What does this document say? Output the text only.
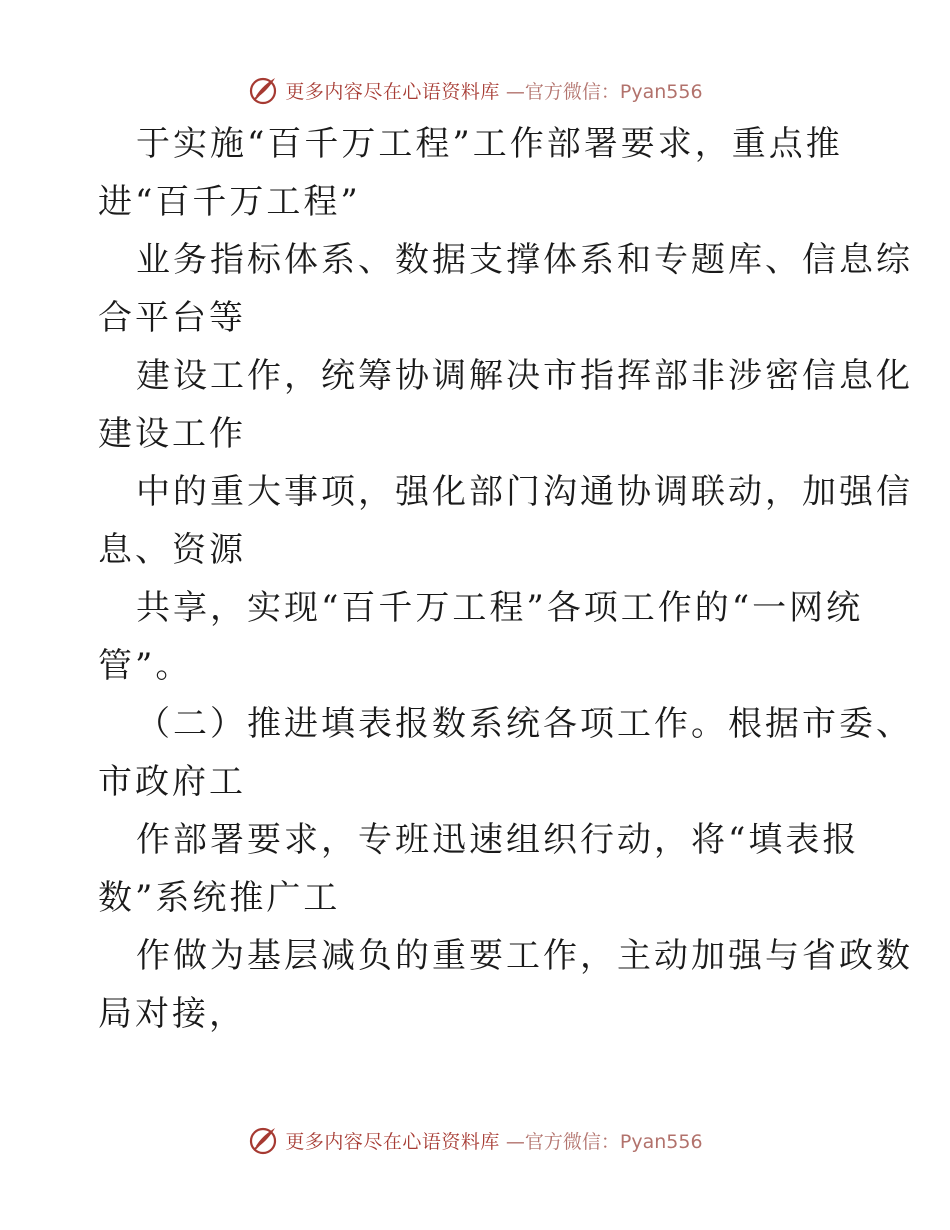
更多内容尽在心语资料库 —官方微信：Pyan556
于实施“百千万工程”工作部署要求，重点推
进“百千万工程”
业务指标体系、数据支撑体系和专题库、信息综
合平台等
建设工作，统筹协调解决市指挥部非涉密信息化
建设工作
中的重大事项，强化部门沟通协调联动，加强信
息、资源
共享，实现“百千万工程”各项工作的“一网统
管”。
（二）推进填表报数系统各项工作。根据市委、
市政府工
作部署要求，专班迅速组织行动，将“填表报
数”系统推广工
作做为基层减负的重要工作，主动加强与省政数
局对接，
更多内容尽在心语资料库 —官方微信：Pyan556
